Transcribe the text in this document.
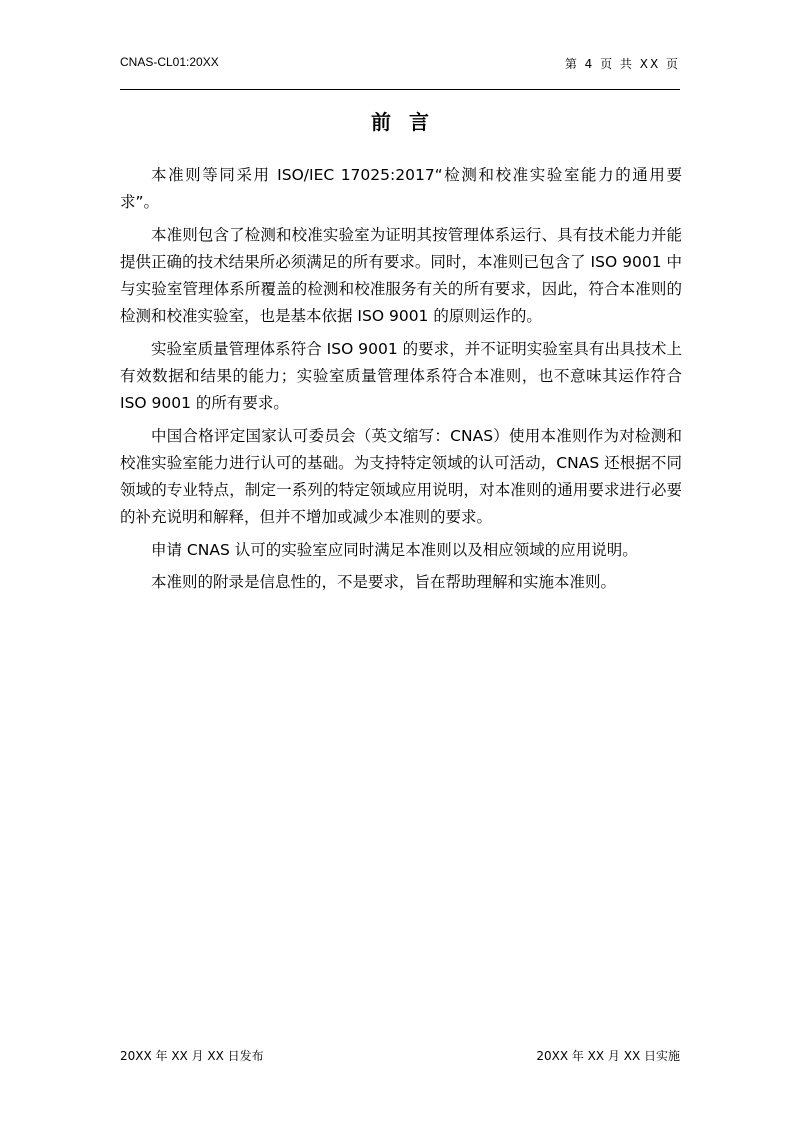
CNAS-CL01:20XX	第 4 页 共 XX 页
前言

本准则等同采用 ISO/IEC 17025:2017“检测和校准实验室能力的通用要求”。

本准则包含了检测和校准实验室为证明其按管理体系运行、具有技术能力并能提供正确的技术结果所必须满足的所有要求。同时，本准则已包含了 ISO 9001 中与实验室管理体系所覆盖的检测和校准服务有关的所有要求，因此，符合本准则的检测和校准实验室，也是基本依据 ISO 9001 的原则运作的。

实验室质量管理体系符合 ISO 9001 的要求，并不证明实验室具有出具技术上有效数据和结果的能力；实验室质量管理体系符合本准则，也不意味其运作符合 ISO 9001 的所有要求。

中国合格评定国家认可委员会（英文缩写：CNAS）使用本准则作为对检测和校准实验室能力进行认可的基础。为支持特定领域的认可活动，CNAS 还根据不同领域的专业特点，制定一系列的特定领域应用说明，对本准则的通用要求进行必要的补充说明和解释，但并不增加或减少本准则的要求。

申请 CNAS 认可的实验室应同时满足本准则以及相应领域的应用说明。

本准则的附录是信息性的，不是要求，旨在帮助理解和实施本准则。

20XX 年 XX 月 XX 日发布	20XX 年 XX 月 XX 日实施
